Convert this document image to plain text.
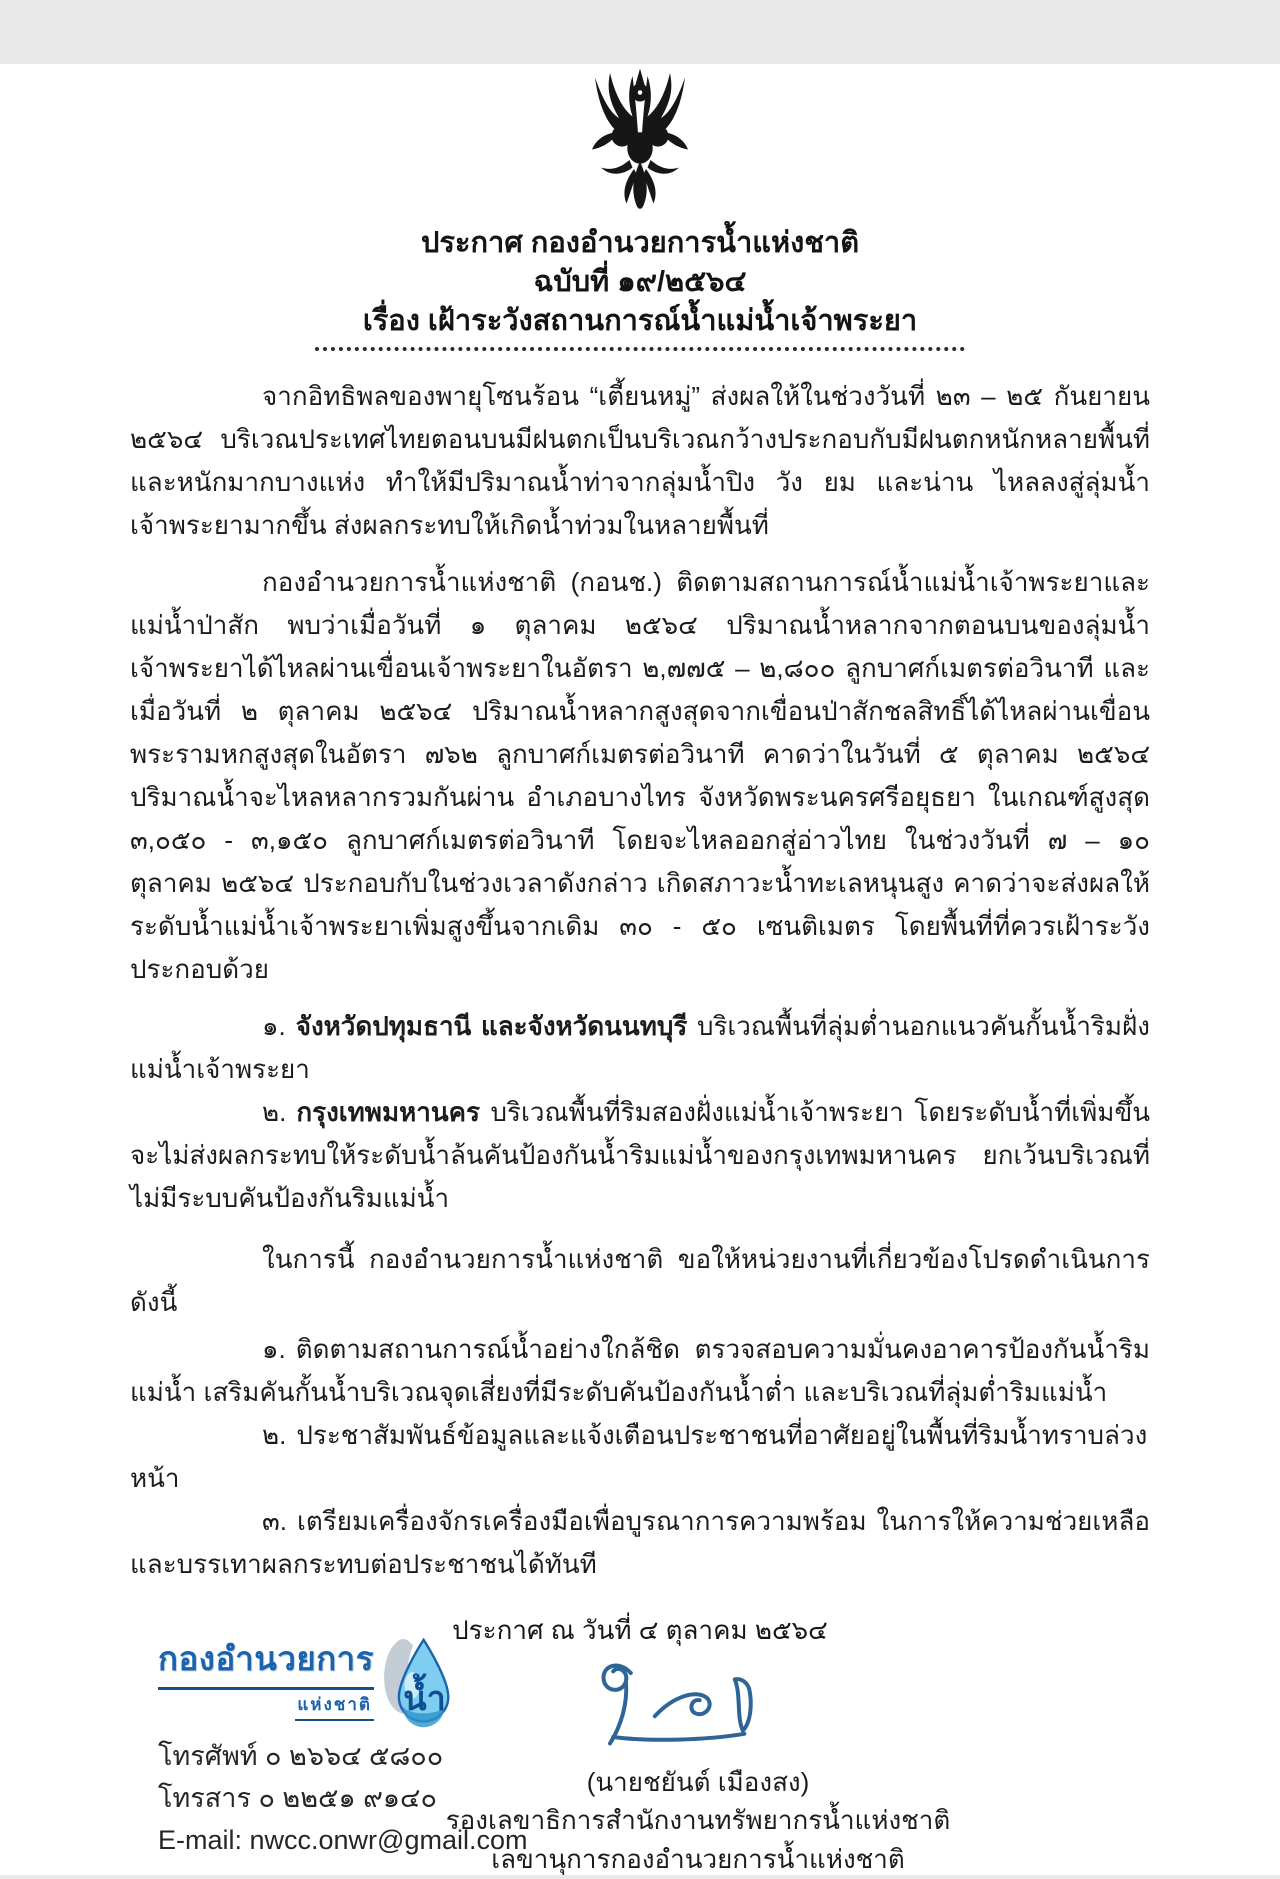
ประกาศ กองอำนวยการน้ำแห่งชาติ
ฉบับที่ ๑๙/๒๕๖๔
เรื่อง เฝ้าระวังสถานการณ์น้ำแม่น้ำเจ้าพระยา

จากอิทธิพลของพายุโซนร้อน “เตี้ยนหมู่” ส่งผลให้ในช่วงวันที่ ๒๓ – ๒๕ กันยายน ๒๕๖๔ บริเวณประเทศไทยตอนบนมีฝนตกเป็นบริเวณกว้างประกอบกับมีฝนตกหนักหลายพื้นที่และหนักมากบางแห่ง ทำให้มีปริมาณน้ำท่าจากลุ่มน้ำปิง วัง ยม และน่าน ไหลลงสู่ลุ่มน้ำเจ้าพระยามากขึ้น ส่งผลกระทบให้เกิดน้ำท่วมในหลายพื้นที่

กองอำนวยการน้ำแห่งชาติ (กอนช.) ติดตามสถานการณ์น้ำแม่น้ำเจ้าพระยาและแม่น้ำป่าสัก พบว่าเมื่อวันที่ ๑ ตุลาคม ๒๕๖๔ ปริมาณน้ำหลากจากตอนบนของลุ่มน้ำเจ้าพระยาได้ไหลผ่านเขื่อนเจ้าพระยาในอัตรา ๒,๗๗๕ – ๒,๘๐๐ ลูกบาศก์เมตรต่อวินาที และเมื่อวันที่ ๒ ตุลาคม ๒๕๖๔ ปริมาณน้ำหลากสูงสุดจากเขื่อนป่าสักชลสิทธิ์ได้ไหลผ่านเขื่อนพระรามหกสูงสุดในอัตรา ๗๖๒ ลูกบาศก์เมตรต่อวินาที คาดว่าในวันที่ ๕ ตุลาคม ๒๕๖๔ ปริมาณน้ำจะไหลหลากรวมกันผ่าน อำเภอบางไทร จังหวัดพระนครศรีอยุธยา ในเกณฑ์สูงสุด ๓,๐๕๐ - ๓,๑๕๐ ลูกบาศก์เมตรต่อวินาที โดยจะไหลออกสู่อ่าวไทย ในช่วงวันที่ ๗ – ๑๐ ตุลาคม ๒๕๖๔ ประกอบกับในช่วงเวลาดังกล่าว เกิดสภาวะน้ำทะเลหนุนสูง คาดว่าจะส่งผลให้ระดับน้ำแม่น้ำเจ้าพระยาเพิ่มสูงขึ้นจากเดิม ๓๐ - ๕๐ เซนติเมตร โดยพื้นที่ที่ควรเฝ้าระวังประกอบด้วย

๑. จังหวัดปทุมธานี และจังหวัดนนทบุรี บริเวณพื้นที่ลุ่มต่ำนอกแนวคันกั้นน้ำริมฝั่งแม่น้ำเจ้าพระยา

๒. กรุงเทพมหานคร บริเวณพื้นที่ริมสองฝั่งแม่น้ำเจ้าพระยา โดยระดับน้ำที่เพิ่มขึ้นจะไม่ส่งผลกระทบให้ระดับน้ำล้นคันป้องกันน้ำริมแม่น้ำของกรุงเทพมหานคร ยกเว้นบริเวณที่ไม่มีระบบคันป้องกันริมแม่น้ำ

ในการนี้ กองอำนวยการน้ำแห่งชาติ ขอให้หน่วยงานที่เกี่ยวข้องโปรดดำเนินการ ดังนี้

๑. ติดตามสถานการณ์น้ำอย่างใกล้ชิด ตรวจสอบความมั่นคงอาคารป้องกันน้ำริมแม่น้ำ เสริมคันกั้นน้ำบริเวณจุดเสี่ยงที่มีระดับคันป้องกันน้ำต่ำ และบริเวณที่ลุ่มต่ำริมแม่น้ำ

๒. ประชาสัมพันธ์ข้อมูลและแจ้งเตือนประชาชนที่อาศัยอยู่ในพื้นที่ริมน้ำทราบล่วงหน้า

๓. เตรียมเครื่องจักรเครื่องมือเพื่อบูรณาการความพร้อม ในการให้ความช่วยเหลือและบรรเทาผลกระทบต่อประชาชนได้ทันที

ประกาศ ณ วันที่ ๔ ตุลาคม ๒๕๖๔
(นายชยันต์ เมืองสง)
รองเลขาธิการสำนักงานทรัพยากรน้ำแห่งชาติ
เลขานุการกองอำนวยการน้ำแห่งชาติ
กองอำนวยการ
แห่งชาติ น้ำ
โทรศัพท์ ๐ ๒๖๖๔ ๕๘๐๐
โทรสาร ๐ ๒๒๕๑ ๙๑๔๐
E-mail: nwcc.onwr@gmail.com
